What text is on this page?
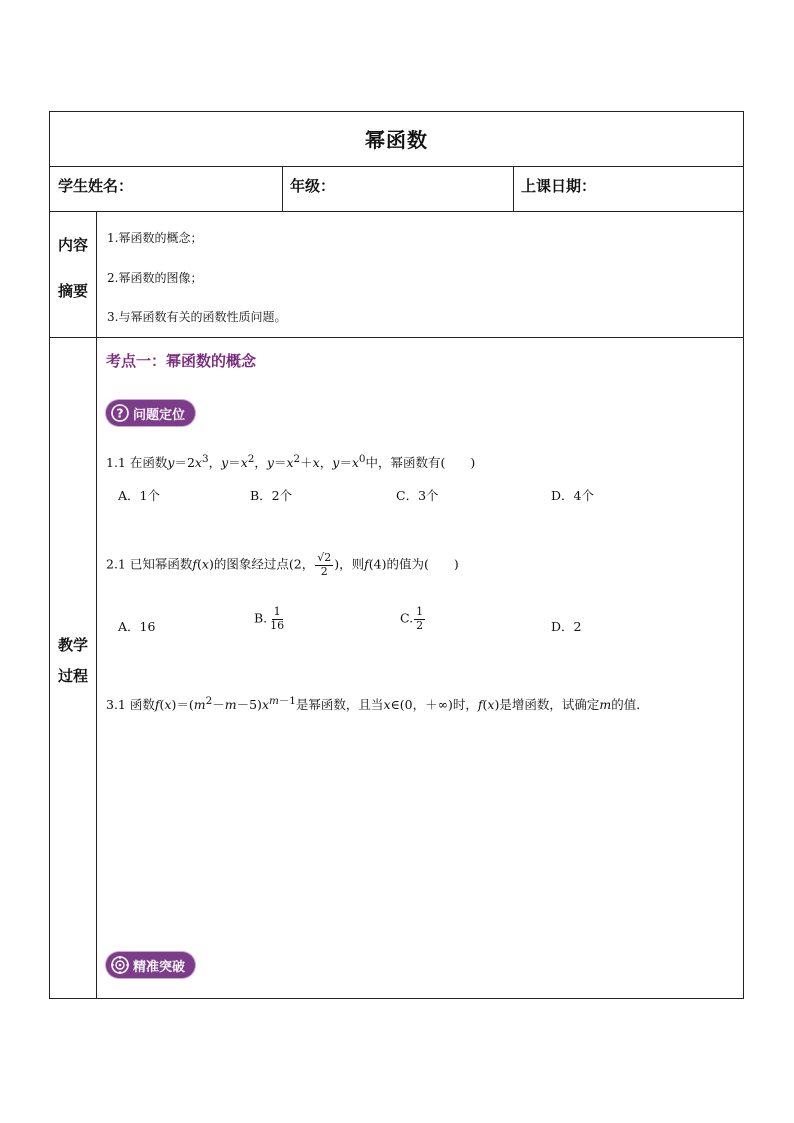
幂函数
学生姓名：	年级：	上课日期：
内容
摘要
1.幂函数的概念；
2.幂函数的图像；
3.与幂函数有关的函数性质问题。
教学
过程
考点一：幂函数的概念
? 问题定位
1.1 在函数$y=2x^3$，$y=x^2$，$y=x^2+x$，$y=x^0$中，幂函数有(　　)
A．1个	B．2个	C．3个	D．4个
2.1 已知幂函数f(x)的图象经过点(2， $\frac{√2}{2}$ )，则f(4)的值为(　　)
A．16
B. $\frac{1}{16}$	C. $\frac{1}{2}$	D．2
3.1 函数$f(x)=(m^2-m-5)x^{m-1}$是幂函数，且当x∈(0，＋∞)时，f(x)是增函数，试确定m的值．
精准突破
